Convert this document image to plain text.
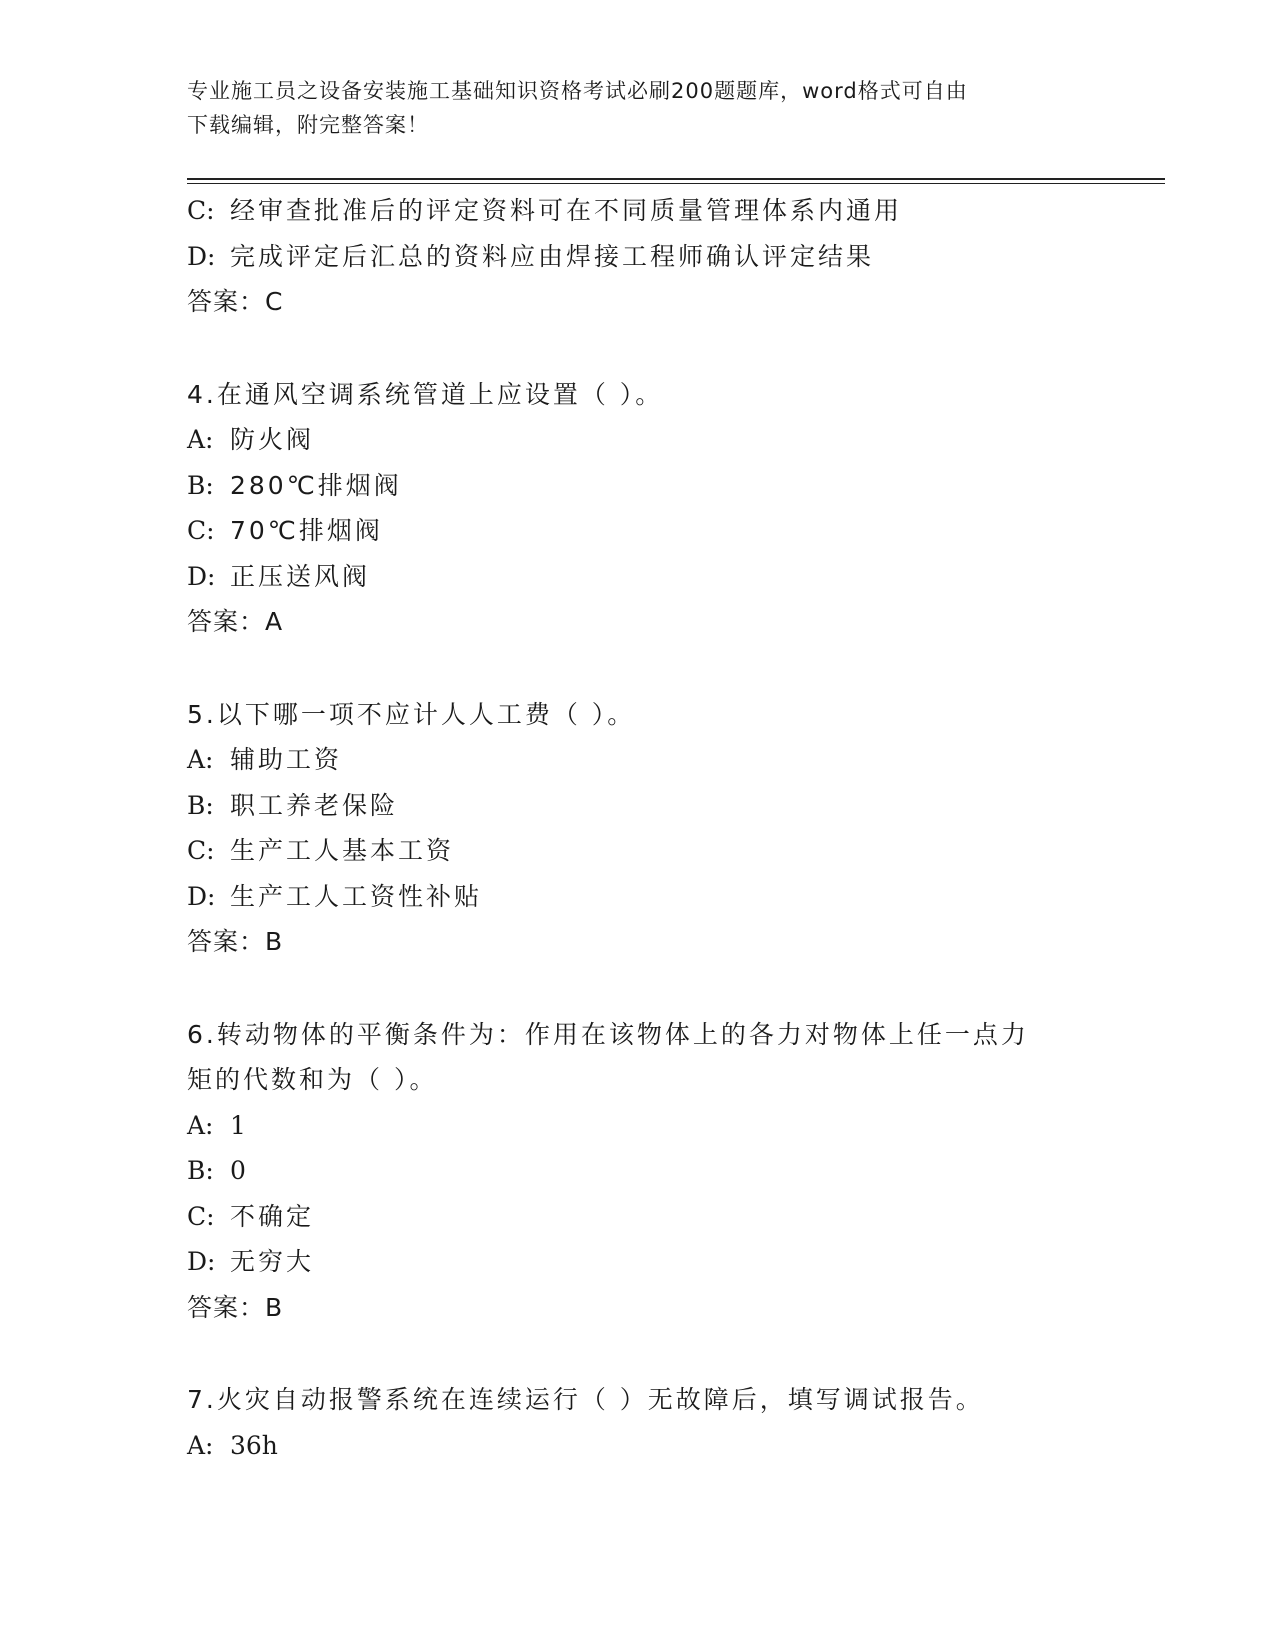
专业施工员之设备安装施工基础知识资格考试必刷200题题库，word格式可自由
下载编辑，附完整答案！
C: 经审查批准后的评定资料可在不同质量管理体系内通用
D: 完成评定后汇总的资料应由焊接工程师确认评定结果
答案：C
4.在通风空调系统管道上应设置（ ）。
A: 防火阀
B: 280℃排烟阀
C: 70℃排烟阀
D: 正压送风阀
答案：A
5.以下哪一项不应计人人工费（ ）。
A: 辅助工资
B: 职工养老保险
C: 生产工人基本工资
D: 生产工人工资性补贴
答案：B
6.转动物体的平衡条件为：作用在该物体上的各力对物体上任一点力
矩的代数和为（ ）。
A: 1
B: 0
C: 不确定
D: 无穷大
答案：B
7.火灾自动报警系统在连续运行（ ）无故障后，填写调试报告。
A: 36h
